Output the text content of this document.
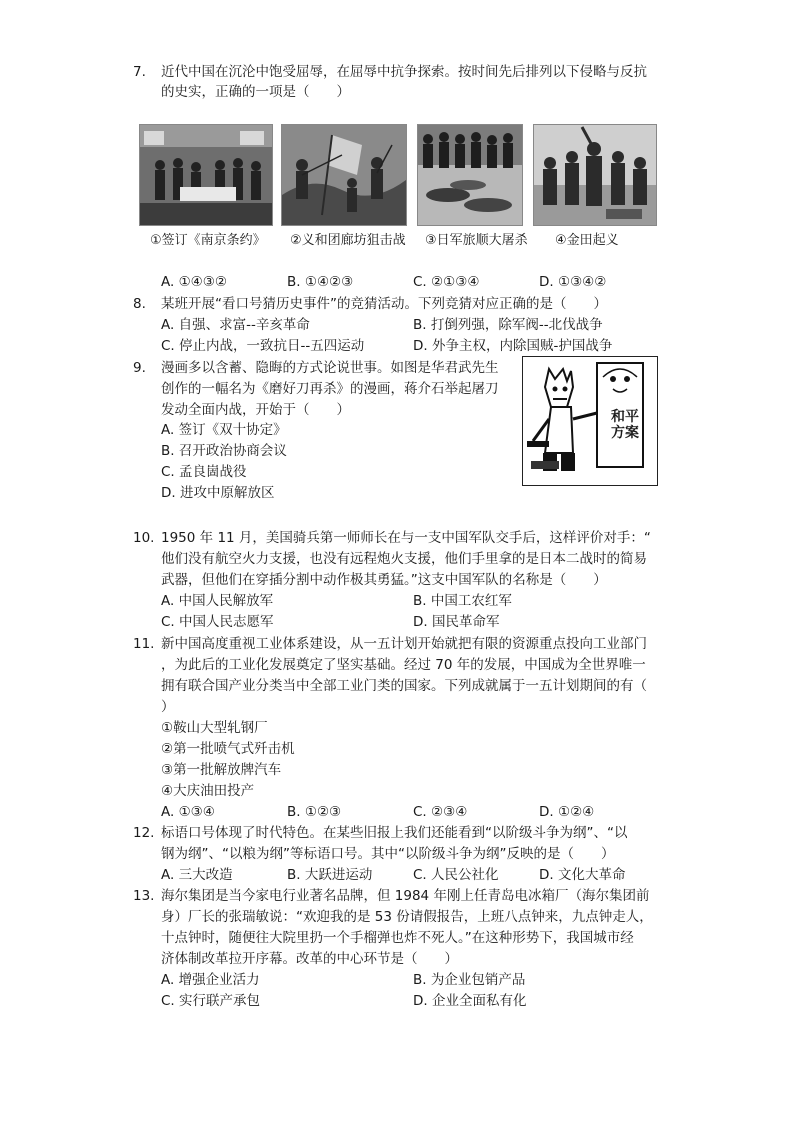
7. 近代中国在沉沦中饱受屈辱，在屈辱中抗争探索。按时间先后排列以下侵略与反抗
的史实，正确的一项是（　　）
①签订《南京条约》 ②义和团廊坊狙击战 ③日军旅顺大屠杀 ④金田起义
A. ①④③②	B. ①④②③	C. ②①③④	D. ①③④②
8. 某班开展“看口号猜历史事件”的竞猜活动。下列竞猜对应正确的是（　　）
A. 自强、求富--辛亥革命	B. 打倒列强，除军阀--北伐战争
C. 停止内战，一致抗日--五四运动	D. 外争主权，内除国贼-护国战争
9. 漫画多以含蓄、隐晦的方式论说世事。如图是华君武先生
创作的一幅名为《磨好刀再杀》的漫画，蒋介石举起屠刀
发动全面内战，开始于（　　）
A. 签订《双十协定》
B. 召开政治协商会议
C. 孟良崮战役
D. 进攻中原解放区
和平方案
10. 1950 年 11 月，美国骑兵第一师师长在与一支中国军队交手后，这样评价对手：“
他们没有航空火力支援，也没有远程炮火支援，他们手里拿的是日本二战时的简易
武器，但他们在穿插分割中动作极其勇猛。”这支中国军队的名称是（　　）
A. 中国人民解放军	B. 中国工农红军
C. 中国人民志愿军	D. 国民革命军
11. 新中国高度重视工业体系建设，从一五计划开始就把有限的资源重点投向工业部门
，为此后的工业化发展奠定了坚实基础。经过 70 年的发展，中国成为全世界唯一
拥有联合国产业分类当中全部工业门类的国家。下列成就属于一五计划期间的有（
）
①鞍山大型轧钢厂
②第一批喷气式歼击机
③第一批解放牌汽车
④大庆油田投产
A. ①③④	B. ①②③	C. ②③④	D. ①②④
12. 标语口号体现了时代特色。在某些旧报上我们还能看到“以阶级斗争为纲”、“以
钢为纲”、“以粮为纲”等标语口号。其中“以阶级斗争为纲”反映的是（　　）
A. 三大改造	B. 大跃进运动	C. 人民公社化	D. 文化大革命
13. 海尔集团是当今家电行业著名品牌，但 1984 年刚上任青岛电冰箱厂（海尔集团前
身）厂长的张瑞敏说：“欢迎我的是 53 份请假报告，上班八点钟来，九点钟走人，
十点钟时，随便往大院里扔一个手榴弹也炸不死人。”在这种形势下，我国城市经
济体制改革拉开序幕。改革的中心环节是（　　）
A. 增强企业活力	B. 为企业包销产品
C. 实行联产承包	D. 企业全面私有化
